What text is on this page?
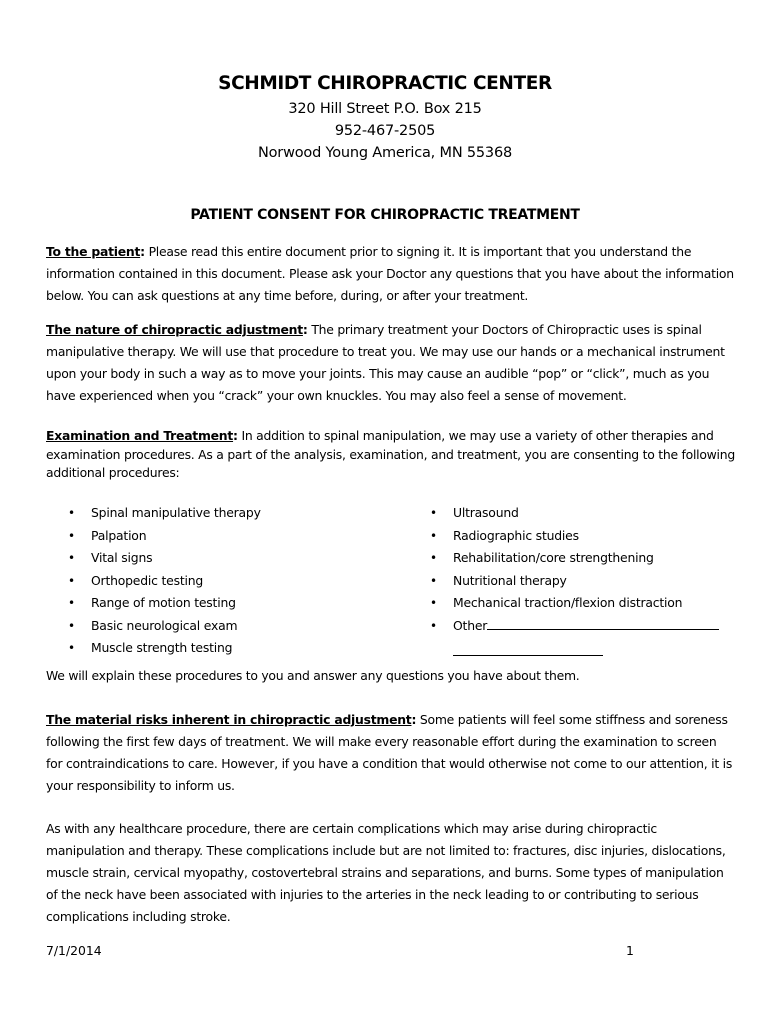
SCHMIDT CHIROPRACTIC CENTER
320 Hill Street P.O. Box 215
952-467-2505
Norwood Young America, MN 55368
PATIENT CONSENT FOR CHIROPRACTIC TREATMENT

To the patient: Please read this entire document prior to signing it. It is important that you understand the information contained in this document. Please ask your Doctor any questions that you have about the information below. You can ask questions at any time before, during, or after your treatment.

The nature of chiropractic adjustment: The primary treatment your Doctors of Chiropractic uses is spinal manipulative therapy. We will use that procedure to treat you. We may use our hands or a mechanical instrument upon your body in such a way as to move your joints. This may cause an audible “pop” or “click”, much as you have experienced when you “crack” your own knuckles. You may also feel a sense of movement.

Examination and Treatment: In addition to spinal manipulation, we may use a variety of other therapies and examination procedures. As a part of the analysis, examination, and treatment, you are consenting to the following additional procedures:

• Spinal manipulative therapy
• Palpation
• Vital signs
• Orthopedic testing
• Range of motion testing
• Basic neurological exam
• Muscle strength testing
• Ultrasound
• Radiographic studies
• Rehabilitation/core strengthening
• Nutritional therapy
• Mechanical traction/flexion distraction
• Other

We will explain these procedures to you and answer any questions you have about them.

The material risks inherent in chiropractic adjustment: Some patients will feel some stiffness and soreness following the first few days of treatment. We will make every reasonable effort during the examination to screen for contraindications to care. However, if you have a condition that would otherwise not come to our attention, it is your responsibility to inform us.

As with any healthcare procedure, there are certain complications which may arise during chiropractic manipulation and therapy. These complications include but are not limited to: fractures, disc injuries, dislocations, muscle strain, cervical myopathy, costovertebral strains and separations, and burns. Some types of manipulation of the neck have been associated with injuries to the arteries in the neck leading to or contributing to serious complications including stroke.

7/1/2014	1
